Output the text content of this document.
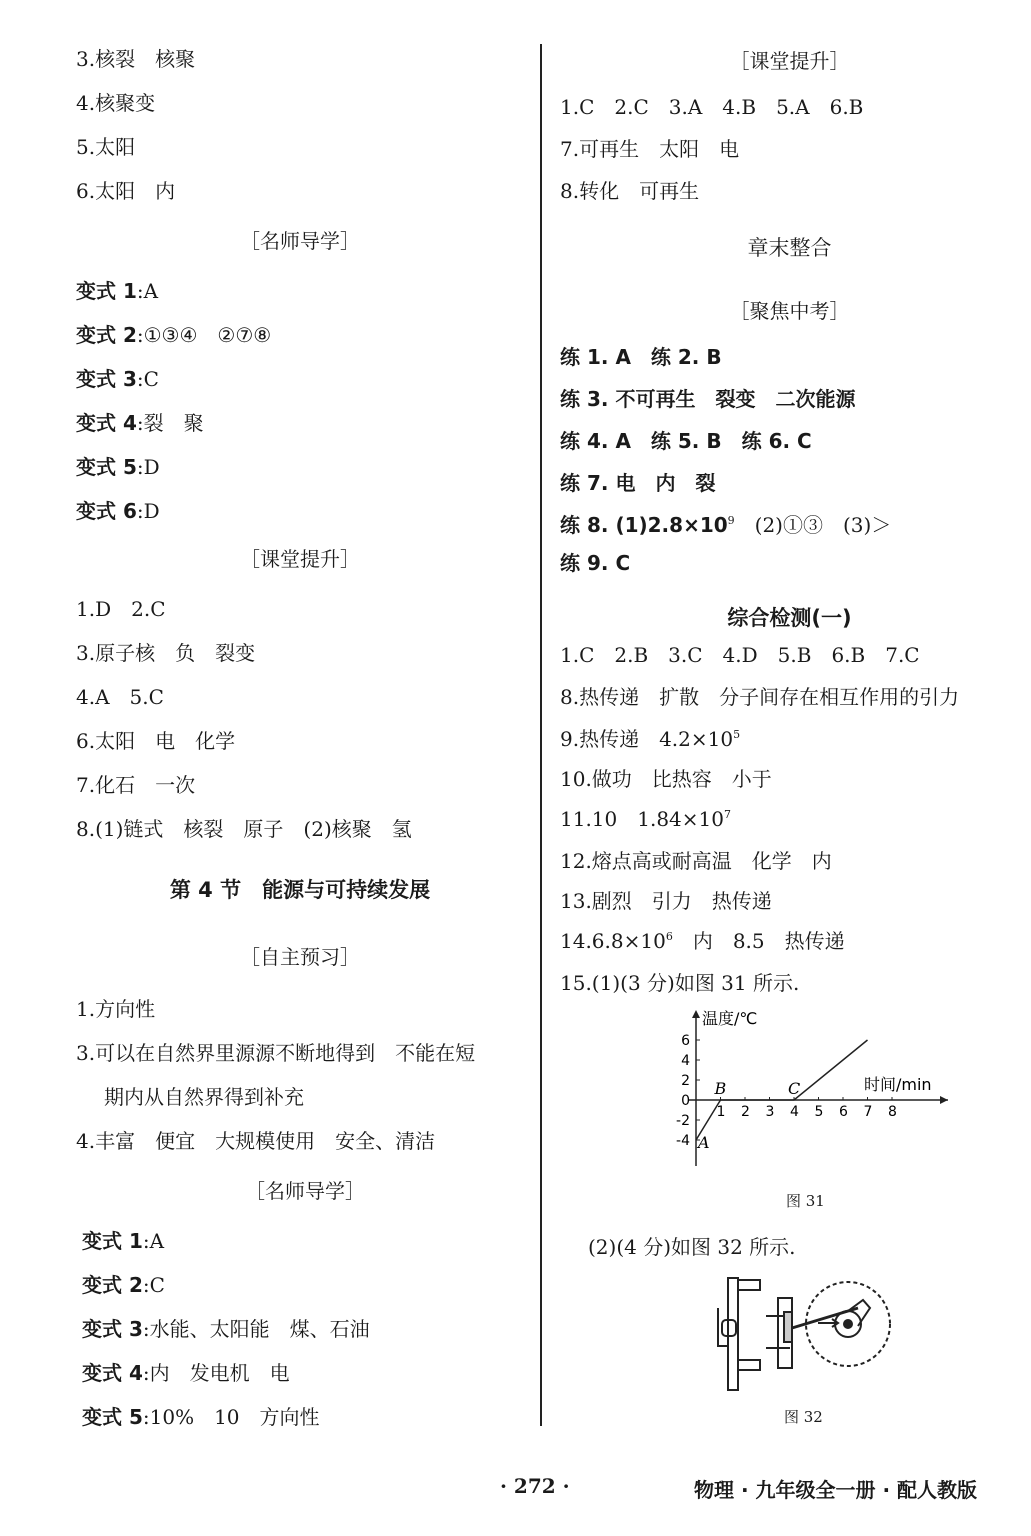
3.核裂　核聚
4.核聚变
5.太阳
6.太阳　内
［名师导学］
变式 1:A
变式 2:①③④　②⑦⑧
变式 3:C
变式 4:裂　聚
变式 5:D
变式 6:D
［课堂提升］
1.D　2.C
3.原子核　负　裂变
4.A　5.C
6.太阳　电　化学
7.化石　一次
8.(1)链式　核裂　原子　(2)核聚　氢
第 4 节　能源与可持续发展
［自主预习］
1.方向性
3.可以在自然界里源源不断地得到　不能在短
期内从自然界得到补充
4.丰富　便宜　大规模使用　安全、清洁
［名师导学］
变式 1:A
变式 2:C
变式 3:水能、太阳能　煤、石油
变式 4:内　发电机　电
变式 5:10%　10　方向性
［课堂提升］
1.C　2.C　3.A　4.B　5.A　6.B
7.可再生　太阳　电
8.转化　可再生
章末整合
［聚焦中考］
练 1. A　练 2. B
练 3. 不可再生　裂变　二次能源
练 4. A　练 5. B　练 6. C
练 7. 电　内　裂
练 8. $(1)2.8\times 10^9$　(2)①③　(3)＞
练 9. C
综合检测(一)
1.C　2.B　3.C　4.D　5.B　6.B　7.C
8.热传递　扩散　分子间存在相互作用的引力
9.热传递　$4.2\times 10^5$
10.做功　比热容　小于
11.10　$1.84\times 10^7$
12.熔点高或耐高温　化学　内
13.剧烈　引力　热传递
$14.6.8\times 10^6$　内　8.5　热传递
15.(1)(3 分)如图 31 所示.
温度/℃
时间/min
1 2 3 4 5 6 7 8
6
4
2
0
-2
-4 A
B	C
图 31
(2)(4 分)如图 32 所示.
图 32
· 272 ·	物理 · 九年级全一册 · 配人教版
